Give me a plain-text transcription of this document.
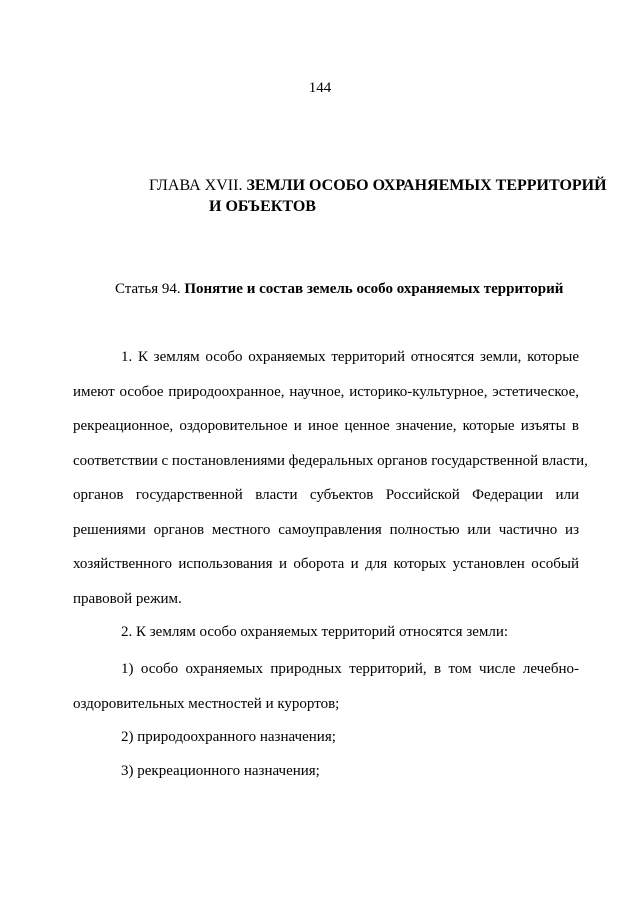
144
ГЛАВА XVII. ЗЕМЛИ ОСОБО ОХРАНЯЕМЫХ ТЕРРИТОРИЙ
И ОБЪЕКТОВ
Статья 94. Понятие и состав земель особо охраняемых территорий
1. К землям особо охраняемых территорий относятся земли, которые
имеют особое природоохранное, научное, историко-культурное, эстетическое,
рекреационное, оздоровительное и иное ценное значение, которые изъяты в
соответствии с постановлениями федеральных органов государственной власти,
органов государственной власти субъектов Российской Федерации или
решениями органов местного самоуправления полностью или частично из
хозяйственного использования и оборота и для которых установлен особый
правовой режим.
2. К землям особо охраняемых территорий относятся земли:
1) особо охраняемых природных территорий, в том числе лечебно-
оздоровительных местностей и курортов;
2) природоохранного назначения;
3) рекреационного назначения;
